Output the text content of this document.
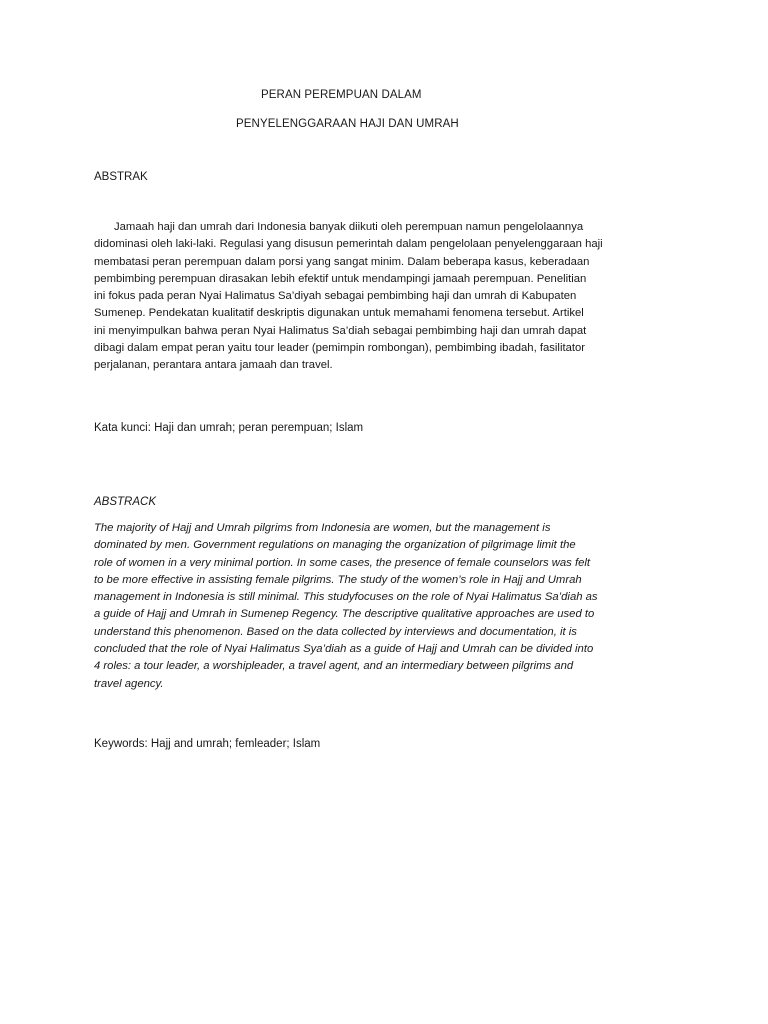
PERAN PEREMPUAN DALAM
PENYELENGGARAAN HAJI DAN UMRAH
ABSTRAK
Jamaah haji dan umrah dari Indonesia banyak diikuti oleh perempuan namun pengelolaannya
didominasi oleh laki-laki. Regulasi yang disusun pemerintah dalam pengelolaan penyelenggaraan haji
membatasi peran perempuan dalam porsi yang sangat minim. Dalam beberapa kasus, keberadaan
pembimbing perempuan dirasakan lebih efektif untuk mendampingi jamaah perempuan. Penelitian
ini fokus pada peran Nyai Halimatus Sa’diyah sebagai pembimbing haji dan umrah di Kabupaten
Sumenep. Pendekatan kualitatif deskriptis digunakan untuk memahami fenomena tersebut. Artikel
ini menyimpulkan bahwa peran Nyai Halimatus Sa’diah sebagai pembimbing haji dan umrah dapat
dibagi dalam empat peran yaitu tour leader (pemimpin rombongan), pembimbing ibadah, fasilitator
perjalanan, perantara antara jamaah dan travel.
Kata kunci: Haji dan umrah; peran perempuan; Islam
ABSTRACK
The majority of Hajj and Umrah pilgrims from Indonesia are women, but the management is
dominated by men. Government regulations on managing the organization of pilgrimage limit the
role of women in a very minimal portion. In some cases, the presence of female counselors was felt
to be more effective in assisting female pilgrims. The study of the women’s role in Hajj and Umrah
management in Indonesia is still minimal. This studyfocuses on the role of Nyai Halimatus Sa’diah as
a guide of Hajj and Umrah in Sumenep Regency. The descriptive qualitative approaches are used to
understand this phenomenon. Based on the data collected by interviews and documentation, it is
concluded that the role of Nyai Halimatus Sya’diah as a guide of Hajj and Umrah can be divided into
4 roles: a tour leader, a worshipleader, a travel agent, and an intermediary between pilgrims and
travel agency.
Keywords: Hajj and umrah; femleader; Islam
